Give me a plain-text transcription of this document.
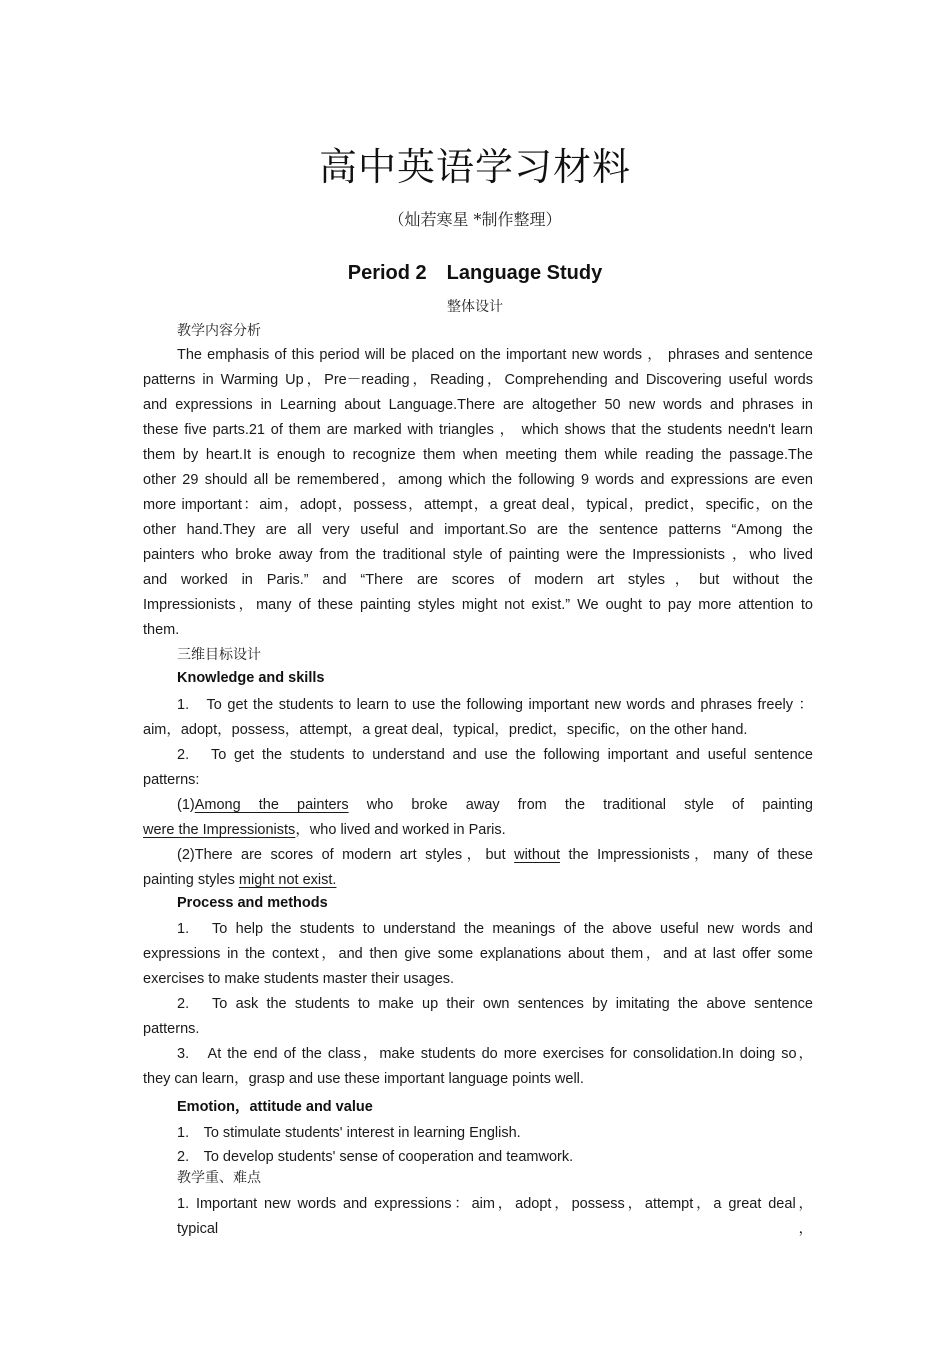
高中英语学习材料
（灿若寒星 *制作整理）
Period 2　Language Study
整体设计
教学内容分析
The emphasis of this period will be placed on the important new words ， phrases and sentence
patterns in Warming Up，Pre－reading，Reading，Comprehending and Discovering useful words
and expressions in Learning about Language.There are altogether 50 new words and phrases in
these five parts.21 of them are marked with triangles ， which shows that the students needn't learn
them by heart.It is enough to recognize them when meeting them while reading the passage.The
other 29 should all be remembered，among which the following 9 words and expressions are even
more important：aim，adopt，possess，attempt，a great deal，typical，predict，specific，on the
other hand.They are all very useful and important.So are the sentence patterns “Among the
painters who broke away from the traditional style of painting were the Impressionists ，who lived
and worked in Paris.” and “There are scores of modern art styles，but without the
Impressionists，many of these painting styles might not exist.” We ought to pay more attention to
them.
三维目标设计
Knowledge and skills
1.　To get the students to learn to use the following important new words and phrases freely ：
aim，adopt，possess，attempt，a great deal，typical，predict，specific，on the other hand.
2.　To get the students to understand and use the following important and useful sentence
patterns:
(1)Among the painters who broke away from the traditional style of painting
were the Impressionists，who lived and worked in Paris.
(2)There are scores of modern art styles，but without the Impressionists，many of these
painting styles might not exist.
Process and methods
1.　To help the students to understand the meanings of the above useful new words and
expressions in the context，and then give some explanations about them，and at last offer some
exercises to make students master their usages.
2.　To ask the students to make up their own sentences by imitating the above sentence
patterns.
3.　At the end of the class，make students do more exercises for consolidation.In doing so，
they can learn，grasp and use these important language points well.
Emotion，attitude and value
1.　To stimulate students' interest in learning English.
2.　To develop students' sense of cooperation and teamwork.
教学重、难点
1. Important new words and expressions：aim，adopt，possess，attempt，a great deal，typical，
